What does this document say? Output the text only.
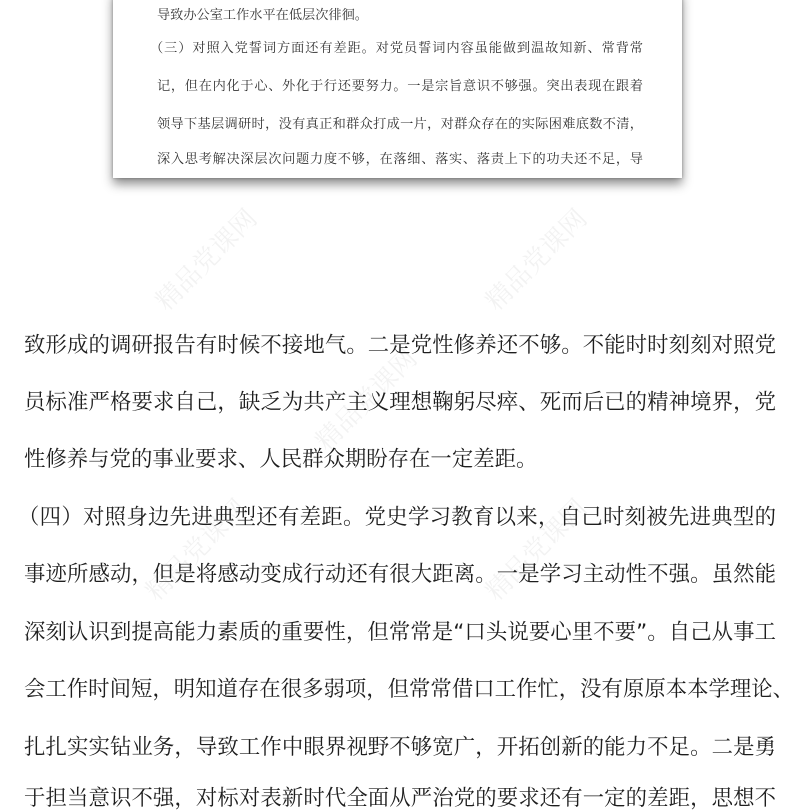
导致办公室工作水平在低层次徘徊。
（三）对照入党誓词方面还有差距。对党员誓词内容虽能做到温故知新、常背常
记，但在内化于心、外化于行还要努力。一是宗旨意识不够强。突出表现在跟着
领导下基层调研时，没有真正和群众打成一片，对群众存在的实际困难底数不清，
深入思考解决深层次问题力度不够，在落细、落实、落责上下的功夫还不足，导
精品党课网	精品党课网
精品党课网
精品党课网	精品党课网
致形成的调研报告有时候不接地气。二是党性修养还不够。不能时时刻刻对照党
员标准严格要求自己，缺乏为共产主义理想鞠躬尽瘁、死而后已的精神境界，党
性修养与党的事业要求、人民群众期盼存在一定差距。
（四）对照身边先进典型还有差距。党史学习教育以来，自己时刻被先进典型的
事迹所感动，但是将感动变成行动还有很大距离。一是学习主动性不强。虽然能
深刻认识到提高能力素质的重要性，但常常是“口头说要心里不要”。自己从事工
会工作时间短，明知道存在很多弱项，但常常借口工作忙，没有原原本本学理论、
扎扎实实钻业务，导致工作中眼界视野不够宽广，开拓创新的能力不足。二是勇
于担当意识不强，对标对表新时代全面从严治党的要求还有一定的差距，思想不
